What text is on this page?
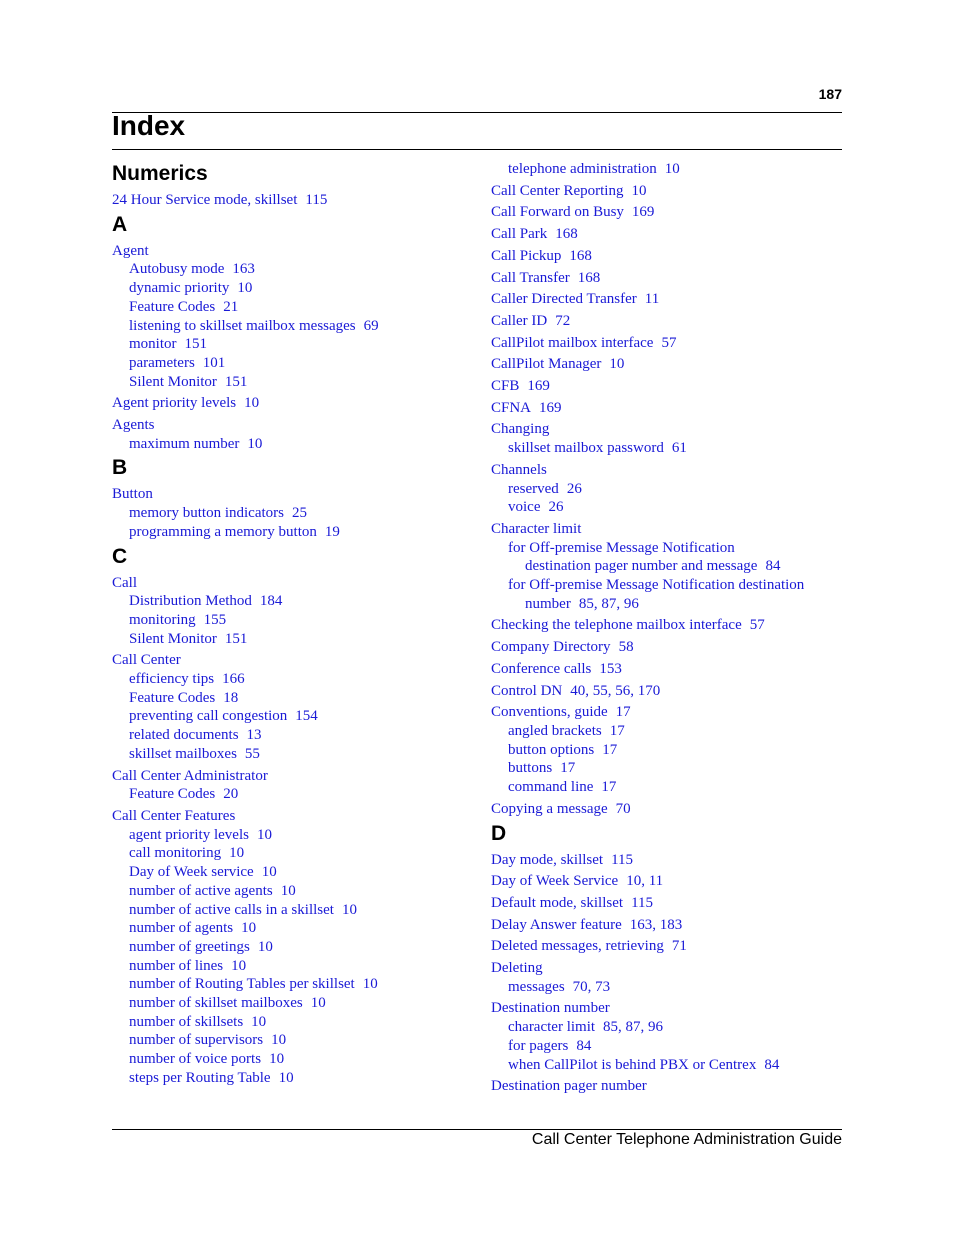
187
Index
Numerics
24 Hour Service mode, skillset 115
A
Agent
Autobusy mode 163
dynamic priority 10
Feature Codes 21
listening to skillset mailbox messages 69
monitor 151
parameters 101
Silent Monitor 151
Agent priority levels 10
Agents
maximum number 10
B
Button
memory button indicators 25
programming a memory button 19
C
Call
Distribution Method 184
monitoring 155
Silent Monitor 151
Call Center
efficiency tips 166
Feature Codes 18
preventing call congestion 154
related documents 13
skillset mailboxes 55
Call Center Administrator
Feature Codes 20
Call Center Features
agent priority levels 10
call monitoring 10
Day of Week service 10
number of active agents 10
number of active calls in a skillset 10
number of agents 10
number of greetings 10
number of lines 10
number of Routing Tables per skillset 10
number of skillset mailboxes 10
number of skillsets 10
number of supervisors 10
number of voice ports 10
steps per Routing Table 10
telephone administration 10
Call Center Reporting 10
Call Forward on Busy 169
Call Park 168
Call Pickup 168
Call Transfer 168
Caller Directed Transfer 11
Caller ID 72
CallPilot mailbox interface 57
CallPilot Manager 10
CFB 169
CFNA 169
Changing
skillset mailbox password 61
Channels
reserved 26
voice 26
Character limit
for Off-premise Message Notification
destination pager number and message 84
for Off-premise Message Notification destination
number 85, 87, 96
Checking the telephone mailbox interface 57
Company Directory 58
Conference calls 153
Control DN 40, 55, 56, 170
Conventions, guide 17
angled brackets 17
button options 17
buttons 17
command line 17
Copying a message 70
D
Day mode, skillset 115
Day of Week Service 10, 11
Default mode, skillset 115
Delay Answer feature 163, 183
Deleted messages, retrieving 71
Deleting
messages 70, 73
Destination number
character limit 85, 87, 96
for pagers 84
when CallPilot is behind PBX or Centrex 84
Destination pager number
Call Center Telephone Administration Guide
